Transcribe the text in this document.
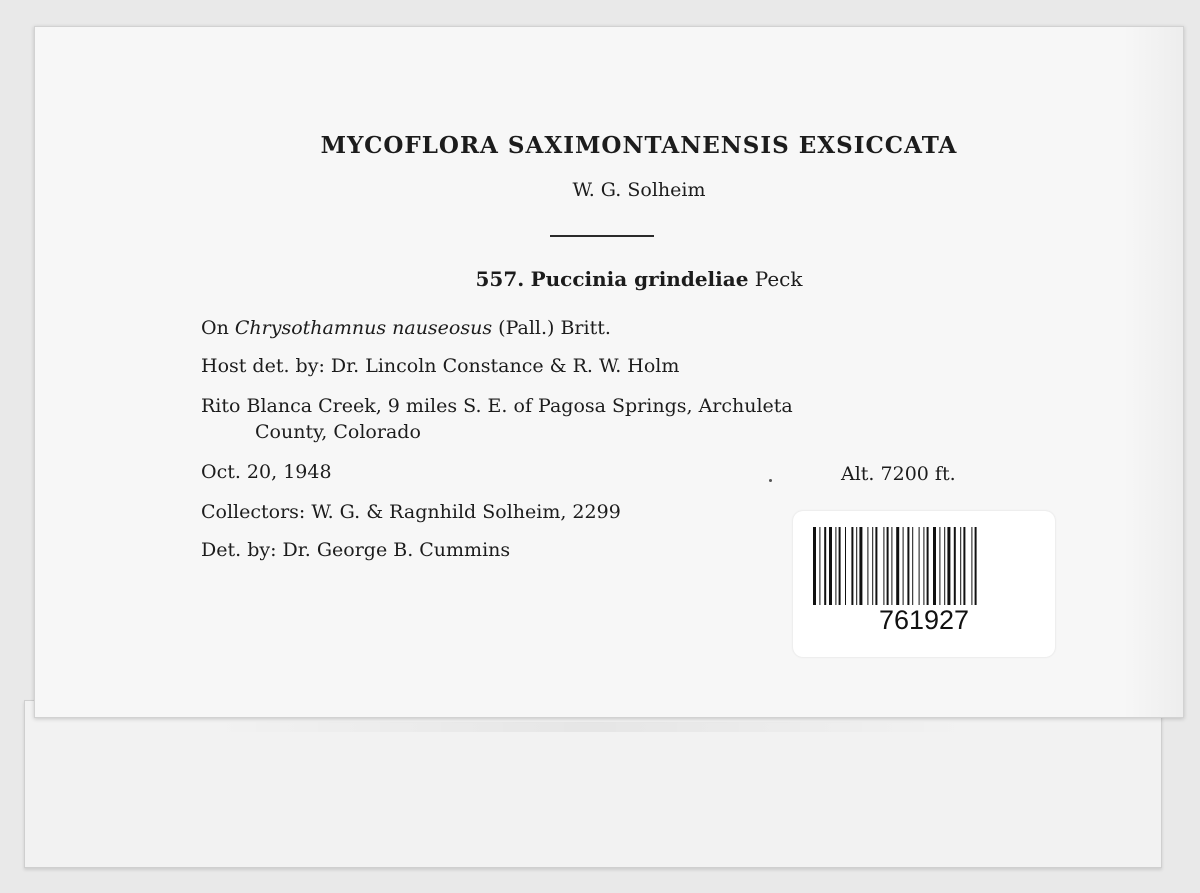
MYCOFLORA SAXIMONTANENSIS EXSICCATA
W. G. Solheim
557. Puccinia grindeliae Peck
On Chrysothamnus nauseosus (Pall.) Britt.
Host det. by: Dr. Lincoln Constance & R. W. Holm
Rito Blanca Creek, 9 miles S. E. of Pagosa Springs, Archuleta
County, Colorado
Oct. 20, 1948	Alt. 7200 ft.
Collectors: W. G. & Ragnhild Solheim, 2299
Det. by: Dr. George B. Cummins
761927
